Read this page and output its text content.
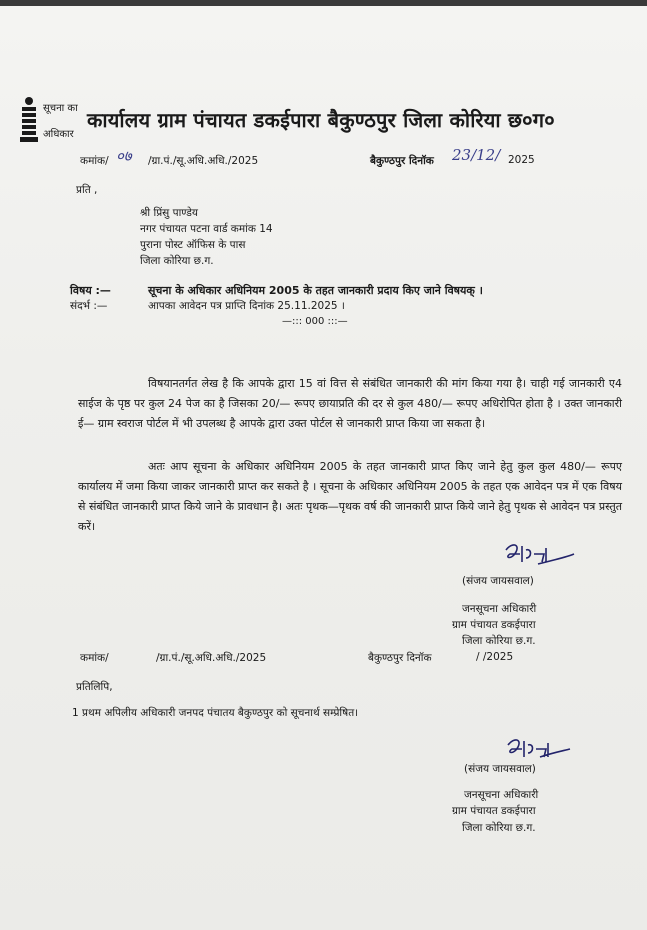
सूचना का
अधिकार
कार्यालय ग्राम पंचायत डकईपारा बैकुण्ठपुर जिला कोरिया छ०ग०
कमांक/ ०७ /ग्रा.पं./सू.अधि.अधि./2025	बैकुण्ठपुर दिनॉक 23/12/ 2025
प्रति ,
श्री प्रिंसु पाण्डेय
नगर पंचायत पटना वार्ड कमांक 14
पुराना पोस्ट ऑफिस के पास
जिला कोरिया छ.ग.
विषय :—	सूचना के अधिकार अधिनियम 2005 के तहत जानकारी प्रदाय किए जाने विषयक् ।
संदर्भ :—	आपका आवेदन पत्र प्राप्ति दिनांक 25.11.2025 ।
—::: 000 :::—
विषयानतर्गत लेख है कि आपके द्वारा 15 वां वित्त से संबंधित जानकारी की मांग किया गया है। चाही गई जानकारी ए4 साईज के पृष्ठ पर कुल 24 पेज का है जिसका 20/— रूपए छायाप्रति की दर से कुल 480/— रूपए अधिरोपित होता है । उक्त जानकारी ई— ग्राम स्वराज पोर्टल में भी उपलब्ध है आपके द्वारा उक्त पोर्टल से जानकारी प्राप्त किया जा सकता है।
अतः आप सूचना के अधिकार अधिनियम 2005 के तहत जानकारी प्राप्त किए जाने हेतु कुल कुल 480/— रूपए कार्यालय में जमा किया जाकर जानकारी प्राप्त कर सकते है । सूचना के अधिकार अधिनियम 2005 के तहत एक आवेदन पत्र में एक विषय से संबंधित जानकारी प्राप्त किये जाने के प्रावधान है। अतः पृथक—पृथक वर्ष की जानकारी प्राप्त किये जाने हेतु पृथक से आवेदन पत्र प्रस्तुत करें।
(संजय जायसवाल)
जनसूचना अधिकारी
ग्राम पंचायत डकईपारा
जिला कोरिया छ.ग.
कमांक/	/ग्रा.पं./सू.अधि.अधि./2025	बैकुण्ठपुर दिनॉक	/ /2025
प्रतिलिपि,
1 प्रथम अपिलीय अधिकारी जनपद पंचातय बैकुण्ठपुर को सूचनार्थ सम्प्रेषित।
(संजय जायसवाल)
जनसूचना अधिकारी
ग्राम पंचायत डकईपारा
जिला कोरिया छ.ग.
